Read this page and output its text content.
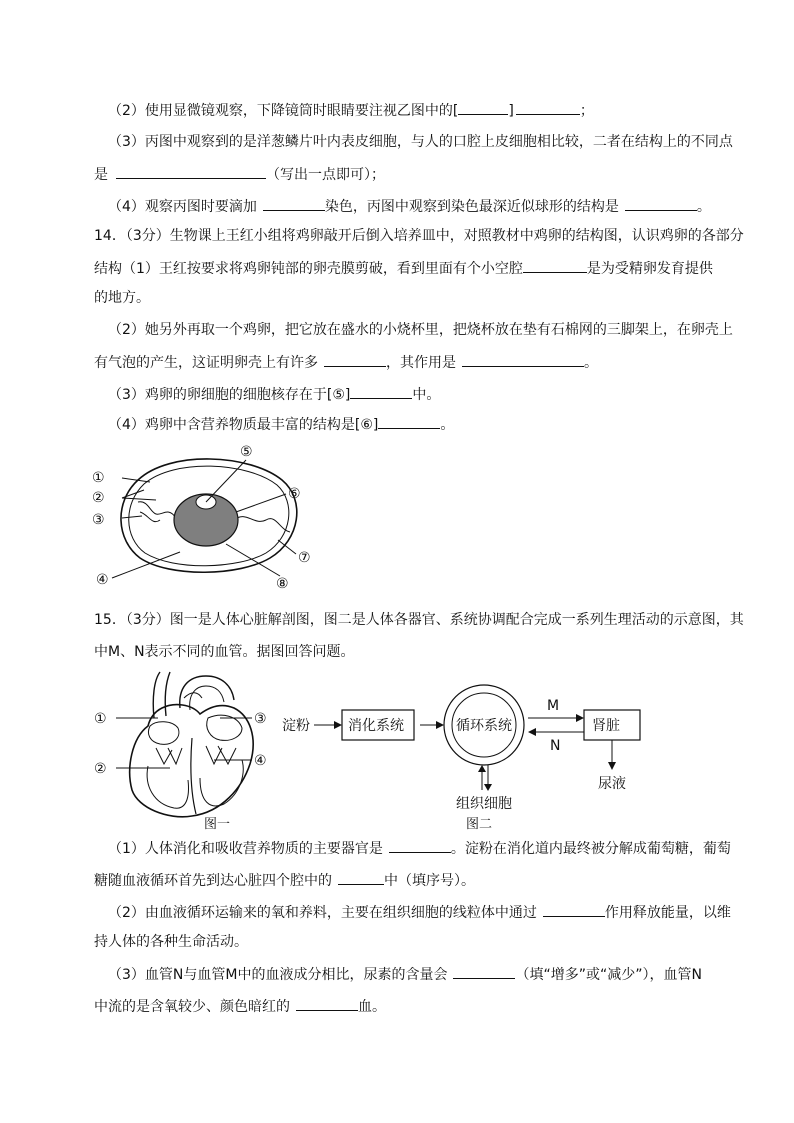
（2）使用显微镜观察，下降镜筒时眼睛要注视乙图中的[	]	；
（3）丙图中观察到的是洋葱鳞片叶内表皮细胞，与人的口腔上皮细胞相比较，二者在结构上的不同点
是	（写出一点即可）；
（4）观察丙图时要滴加	染色，丙图中观察到染色最深近似球形的结构是	。
14．（3分）生物课上王红小组将鸡卵敲开后倒入培养皿中，对照教材中鸡卵的结构图，认识鸡卵的各部分
结构（1）王红按要求将鸡卵钝部的卵壳膜剪破，看到里面有个小空腔	是为受精卵发育提供
的地方。
（2）她另外再取一个鸡卵，把它放在盛水的小烧杯里，把烧杯放在垫有石棉网的三脚架上，在卵壳上
有气泡的产生，这证明卵壳上有许多	，其作用是	。
（3）鸡卵的卵细胞的细胞核存在于[⑤]	中。
（4）鸡卵中含营养物质最丰富的结构是[⑥]	。
①
②
③
④
⑤
⑥
⑦
⑧
15．（3分）图一是人体心脏解剖图，图二是人体各器官、系统协调配合完成一系列生理活动的示意图，其
中M、N表示不同的血管。据图回答问题。
①
②
③
④
图一
淀粉	消化系统	循环系统
M
N
肾脏
尿液
组织细胞
图二
（1）人体消化和吸收营养物质的主要器官是	。淀粉在消化道内最终被分解成葡萄糖，葡萄
糖随血液循环首先到达心脏四个腔中的	中（填序号）。
（2）由血液循环运输来的氧和养料，主要在组织细胞的线粒体中通过	作用释放能量，以维
持人体的各种生命活动。
（3）血管N与血管M中的血液成分相比，尿素的含量会	（填“增多”或“减少”），血管N
中流的是含氧较少、颜色暗红的	血。
